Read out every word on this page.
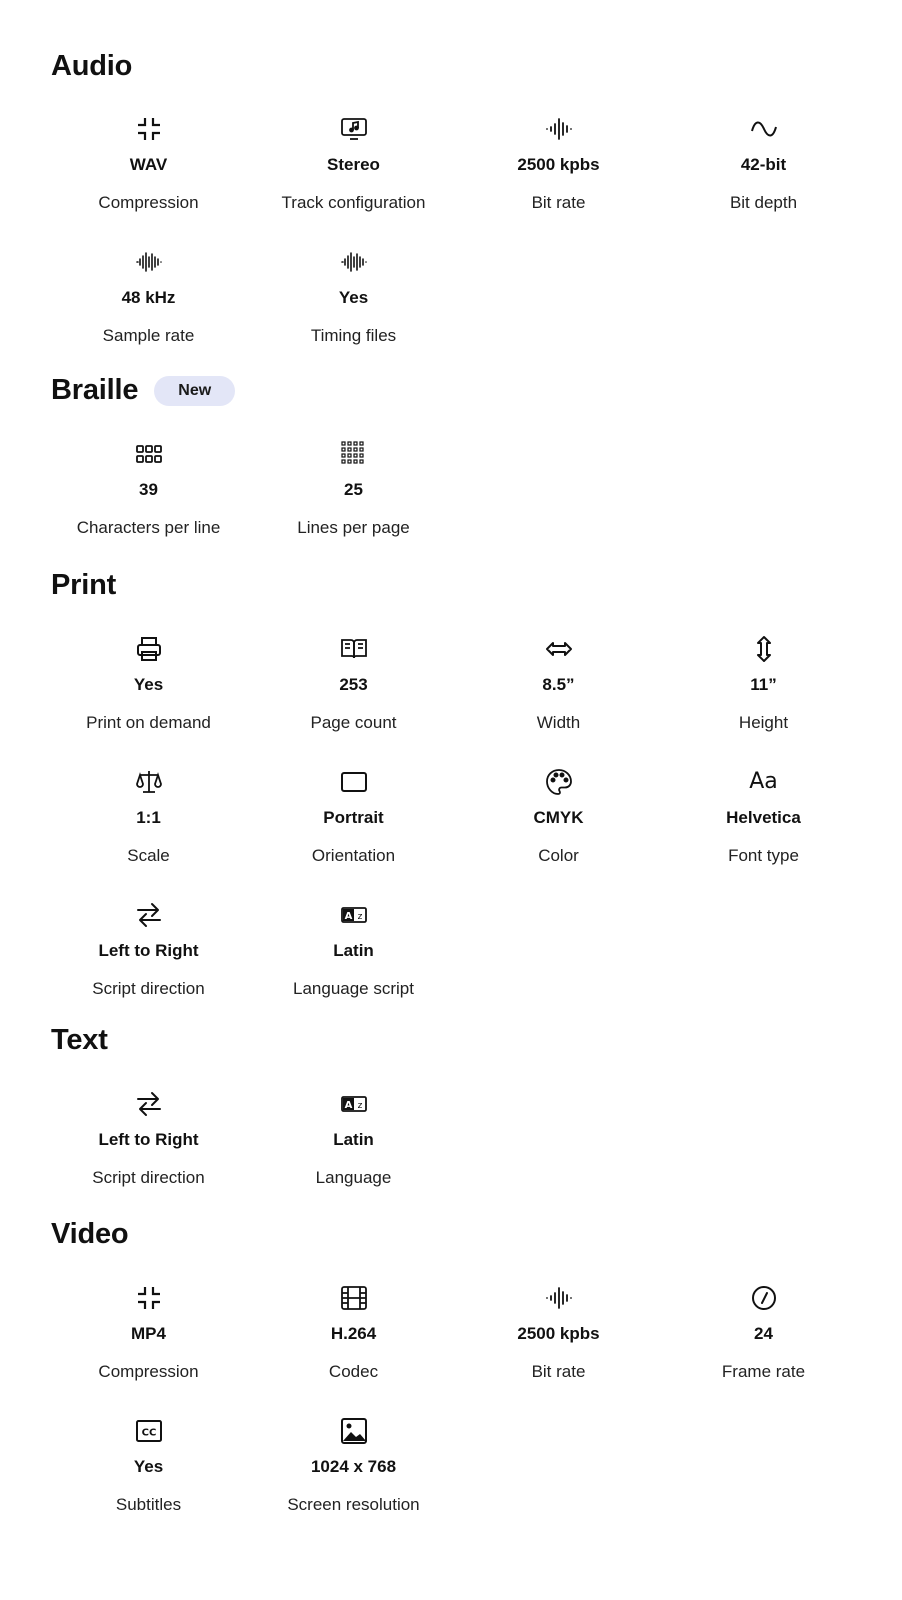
Audio
WAV
Compression
Stereo
Track configuration
2500 kpbs
Bit rate
42-bit
Bit depth
48 kHz
Sample rate
Yes
Timing files
Braille	New
39
Characters per line
25
Lines per page
Print
Yes
Print on demand
253
Page count
8.5”
Width
11”
Height
1:1
Scale
Portrait
Orientation
CMYK
Color
Aa
Helvetica
Font type
Left to Right
Script direction
A z
Latin
Language script
Text
Left to Right
Script direction
A z
Latin
Language
Video
MP4
Compression
H.264
Codec
2500 kpbs
Bit rate
24
Frame rate
CC
Yes
Subtitles
1024 x 768
Screen resolution
